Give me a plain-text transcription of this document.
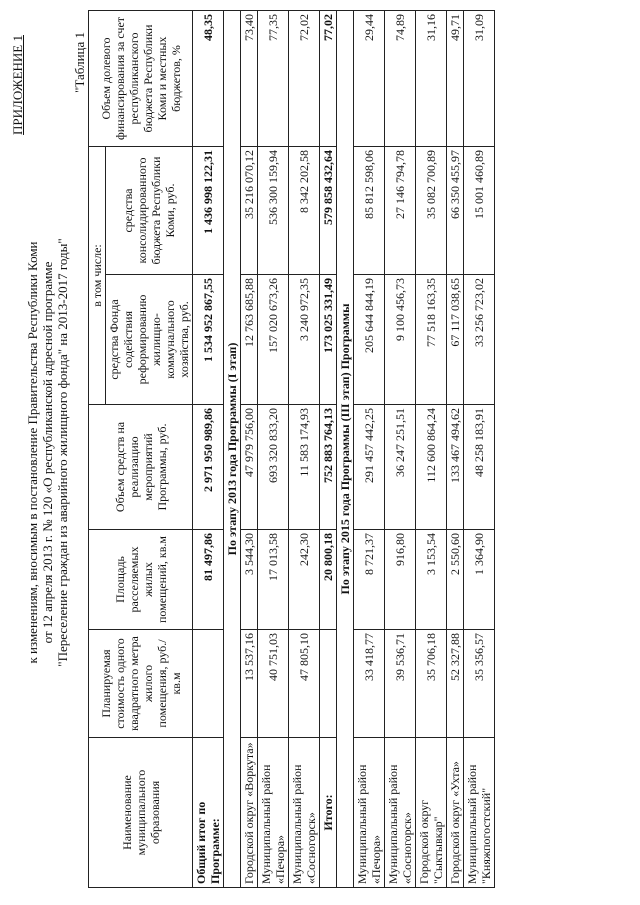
ПРИЛОЖЕНИЕ 1
к изменениям, вносимым в постановление Правительства Республики Коми от 12 апреля 2013 г. № 120 «О республиканской адресной программе "Переселение граждан из аварийного жилищного фонда" на 2013-2017 годы"
"Таблица 1
Наименование муниципального образования	Планируемая стоимость одного квадратного метра жилого помещения, руб./кв.м	Площадь расселяемых жилых помещений, кв.м	Объем средств на реализацию мероприятий Программы, руб.	в том числе:		Объем долевого финансирования за счет республиканского бюджета Республики Коми и местных бюджетов, %
				средства Фонда содействия реформированию жилищно-коммунального хозяйства, руб.	средства консолидированного бюджета Республики Коми, руб.	
Общий итог по Программе:		81 497,86	2 971 950 989,86	1 534 952 867,55	1 436 998 122,31	48,35
По этапу 2013 года Программы (I этап)						
Городской округ «Воркута»	13 537,16	3 544,30	47 979 756,00	12 763 685,88	35 216 070,12	73,40
Муниципальный район «Печора»	40 751,03	17 013,58	693 320 833,20	157 020 673,26	536 300 159,94	77,35
Муниципальный район «Сосногорск»	47 805,10	242,30	11 583 174,93	3 240 972,35	8 342 202,58	72,02
Итого:		20 800,18	752 883 764,13	173 025 331,49	579 858 432,64	77,02
По этапу 2015 года Программы (III этап) Программы						
Муниципальный район «Печора»	33 418,77	8 721,37	291 457 442,25	205 644 844,19	85 812 598,06	29,44
Муниципальный район «Сосногорск»	39 536,71	916,80	36 247 251,51	9 100 456,73	27 146 794,78	74,89
Городской округ "Сыктывкар"	35 706,18	3 153,54	112 600 864,24	77 518 163,35	35 082 700,89	31,16
Городской округ «Ухта»	52 327,88	2 550,60	133 467 494,62	67 117 038,65	66 350 455,97	49,71
Муниципальный район "Княжпогостский"	35 356,57	1 364,90	48 258 183,91	33 256 723,02	15 001 460,89	31,09
